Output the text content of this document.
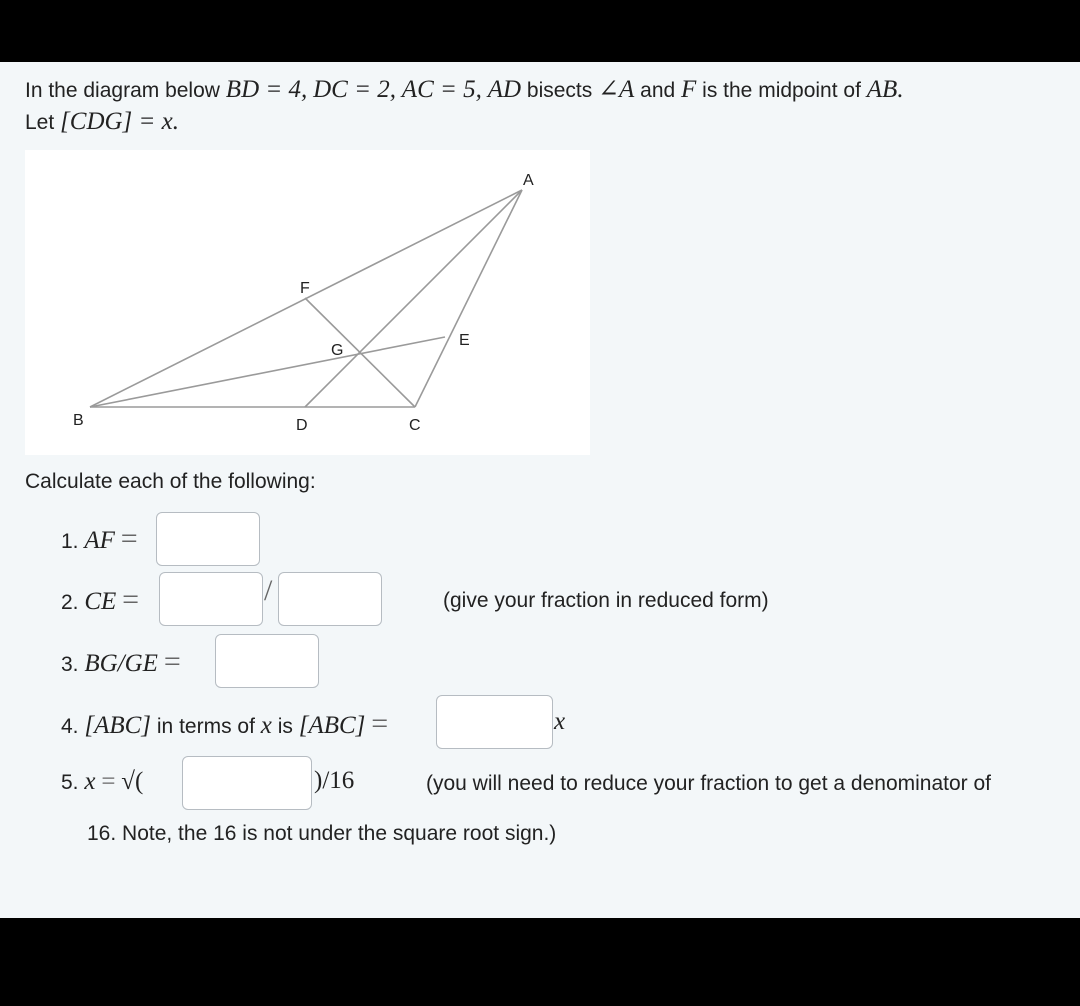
In the diagram below BD = 4, DC = 2, AC = 5, AD bisects ∠A and F is the midpoint of AB.
Let [CDG] = x.
A
B	C
D
E
F
G
Calculate each of the following:
1. AF =
2. CE =	/	(give your fraction in reduced form)
3. BG/GE =
4. [ABC] in terms of x is [ABC] =	x
5. x = √(	)/16	(you will need to reduce your fraction to get a denominator of
16. Note, the 16 is not under the square root sign.)
